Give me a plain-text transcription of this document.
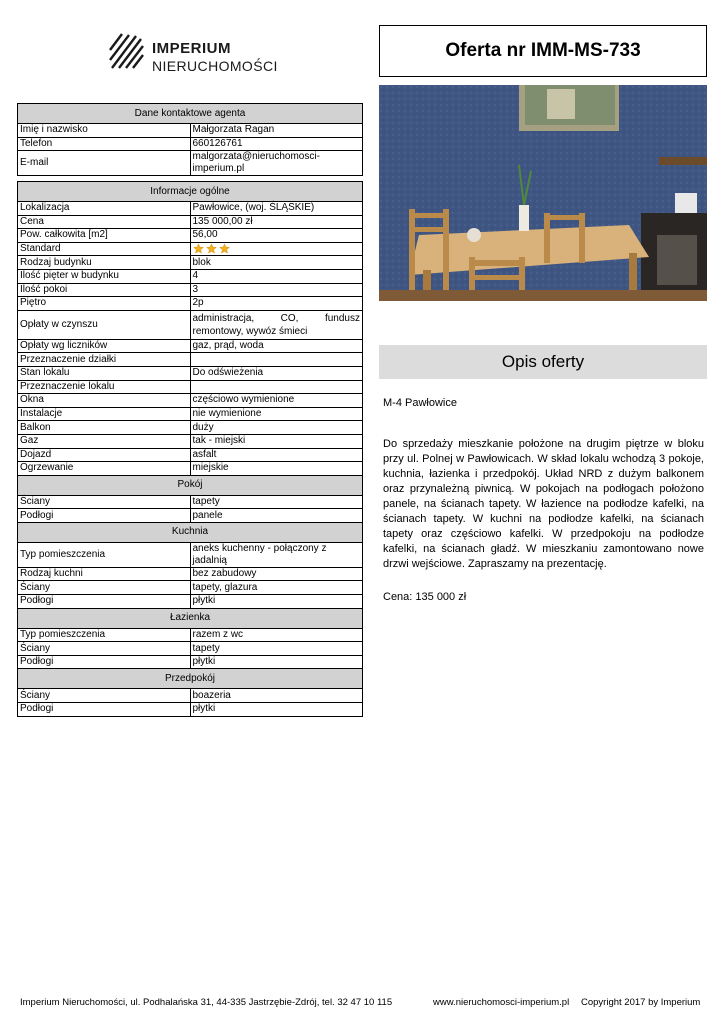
IMPERIUM
NIERUCHOMOŚCI
Oferta nr IMM-MS-733
Opis oferty
M-4 Pawłowice
Do sprzedaży mieszkanie położone na drugim piętrze w bloku przy ul. Polnej w Pawłowicach. W skład lokalu wchodzą 3 pokoje, kuchnia, łazienka i przedpokój. Układ NRD z dużym balkonem oraz przynależną piwnicą. W pokojach na podłogach położono panele, na ścianach tapety. W łazience na podłodze kafelki, na ścianach tapety. W kuchni na podłodze kafelki, na ścianach tapety oraz częściowo kafelki. W przedpokoju na podłodze kafelki, na ścianach gładź. W mieszkaniu zamontowano nowe drzwi wejściowe. Zapraszamy na prezentację.
Cena: 135 000 zł
Dane kontaktowe agenta	
Imię i nazwisko	Małgorzata Ragan
Telefon	660126761
E-mail	malgorzata@nieruchomosci-imperium.pl
Informacje ogólne	
Lokalizacja	Pawłowice, (woj. ŚLĄSKIE)
Cena	135 000,00 zł
Pow. całkowita [m2]	56,00
Standard	
Rodzaj budynku	blok
Ilość pięter w budynku	4
Ilość pokoi	3
Piętro	2p
Opłaty w czynszu	administracja, CO, fundusz remontowy, wywóz śmieci
Opłaty wg liczników	gaz, prąd, woda
Przeznaczenie działki	
Stan lokalu	Do odświeżenia
Przeznaczenie lokalu	
Okna	częściowo wymienione
Instalacje	nie wymienione
Balkon	duży
Gaz	tak - miejski
Dojazd	asfalt
Ogrzewanie	miejskie
Pokój	
Ściany	tapety
Podłogi	panele
Kuchnia	
Typ pomieszczenia	aneks kuchenny - połączony z jadalnią
Rodzaj kuchni	bez zabudowy
Ściany	tapety, glazura
Podłogi	płytki
Łazienka	
Typ pomieszczenia	razem z wc
Ściany	tapety
Podłogi	płytki
Przedpokój	
Ściany	boazeria
Podłogi	płytki
Imperium Nieruchomości, ul. Podhalańska 31, 44-335 Jastrzębie-Zdrój, tel. 32 47 10 115	www.nieruchomosci-imperium.pl Copyright 2017 by Imperium
